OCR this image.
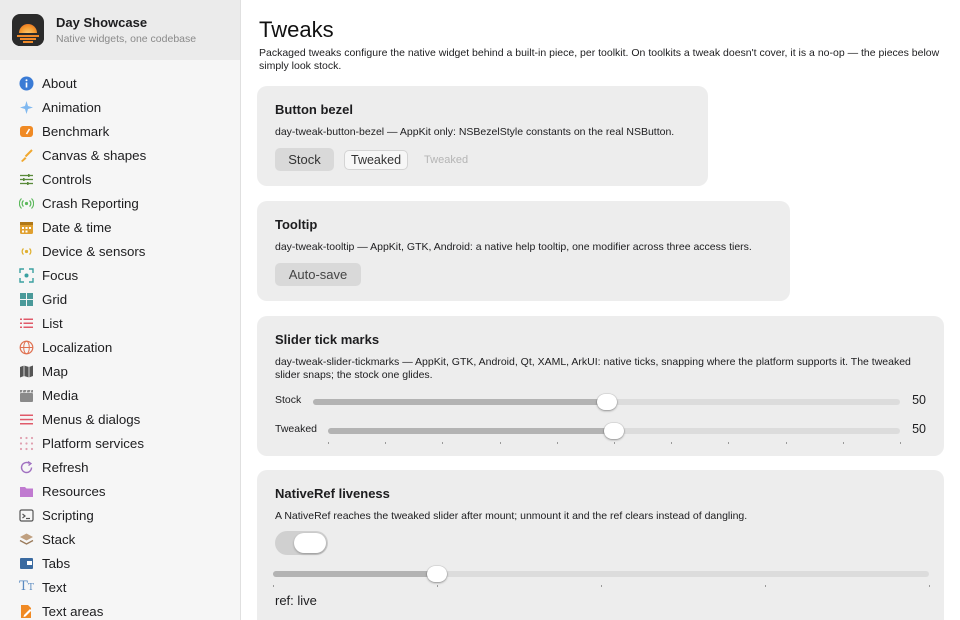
Day Showcase
Native widgets, one codebase
About
Animation
Benchmark
Canvas & shapes
Controls
Crash Reporting
Date & time
Device & sensors
Focus
Grid
List
Localization
Map
Media
Menus & dialogs
Platform services
Refresh
Resources
Scripting
Stack
Tabs
TT Text
Text areas
Tweaks

Packaged tweaks configure the native widget behind a built-in piece, per toolkit. On toolkits a tweak doesn't cover, it is a no-op — the pieces below simply look stock.

Button bezel
day-tweak-button-bezel — AppKit only: NSBezelStyle constants on the real NSButton.
Stock	Tweaked	Tweaked
Tooltip
day-tweak-tooltip — AppKit, GTK, Android: a native help tooltip, one modifier across three access tiers.
Auto-save
Slider tick marks
day-tweak-slider-tickmarks — AppKit, GTK, Android, Qt, XAML, ArkUI: native ticks, snapping where the platform supports it. The tweaked slider snaps; the stock one glides.
Stock	50
Tweaked	50
NativeRef liveness
A NativeRef reaches the tweaked slider after mount; unmount it and the ref clears instead of dangling.
ref: live
